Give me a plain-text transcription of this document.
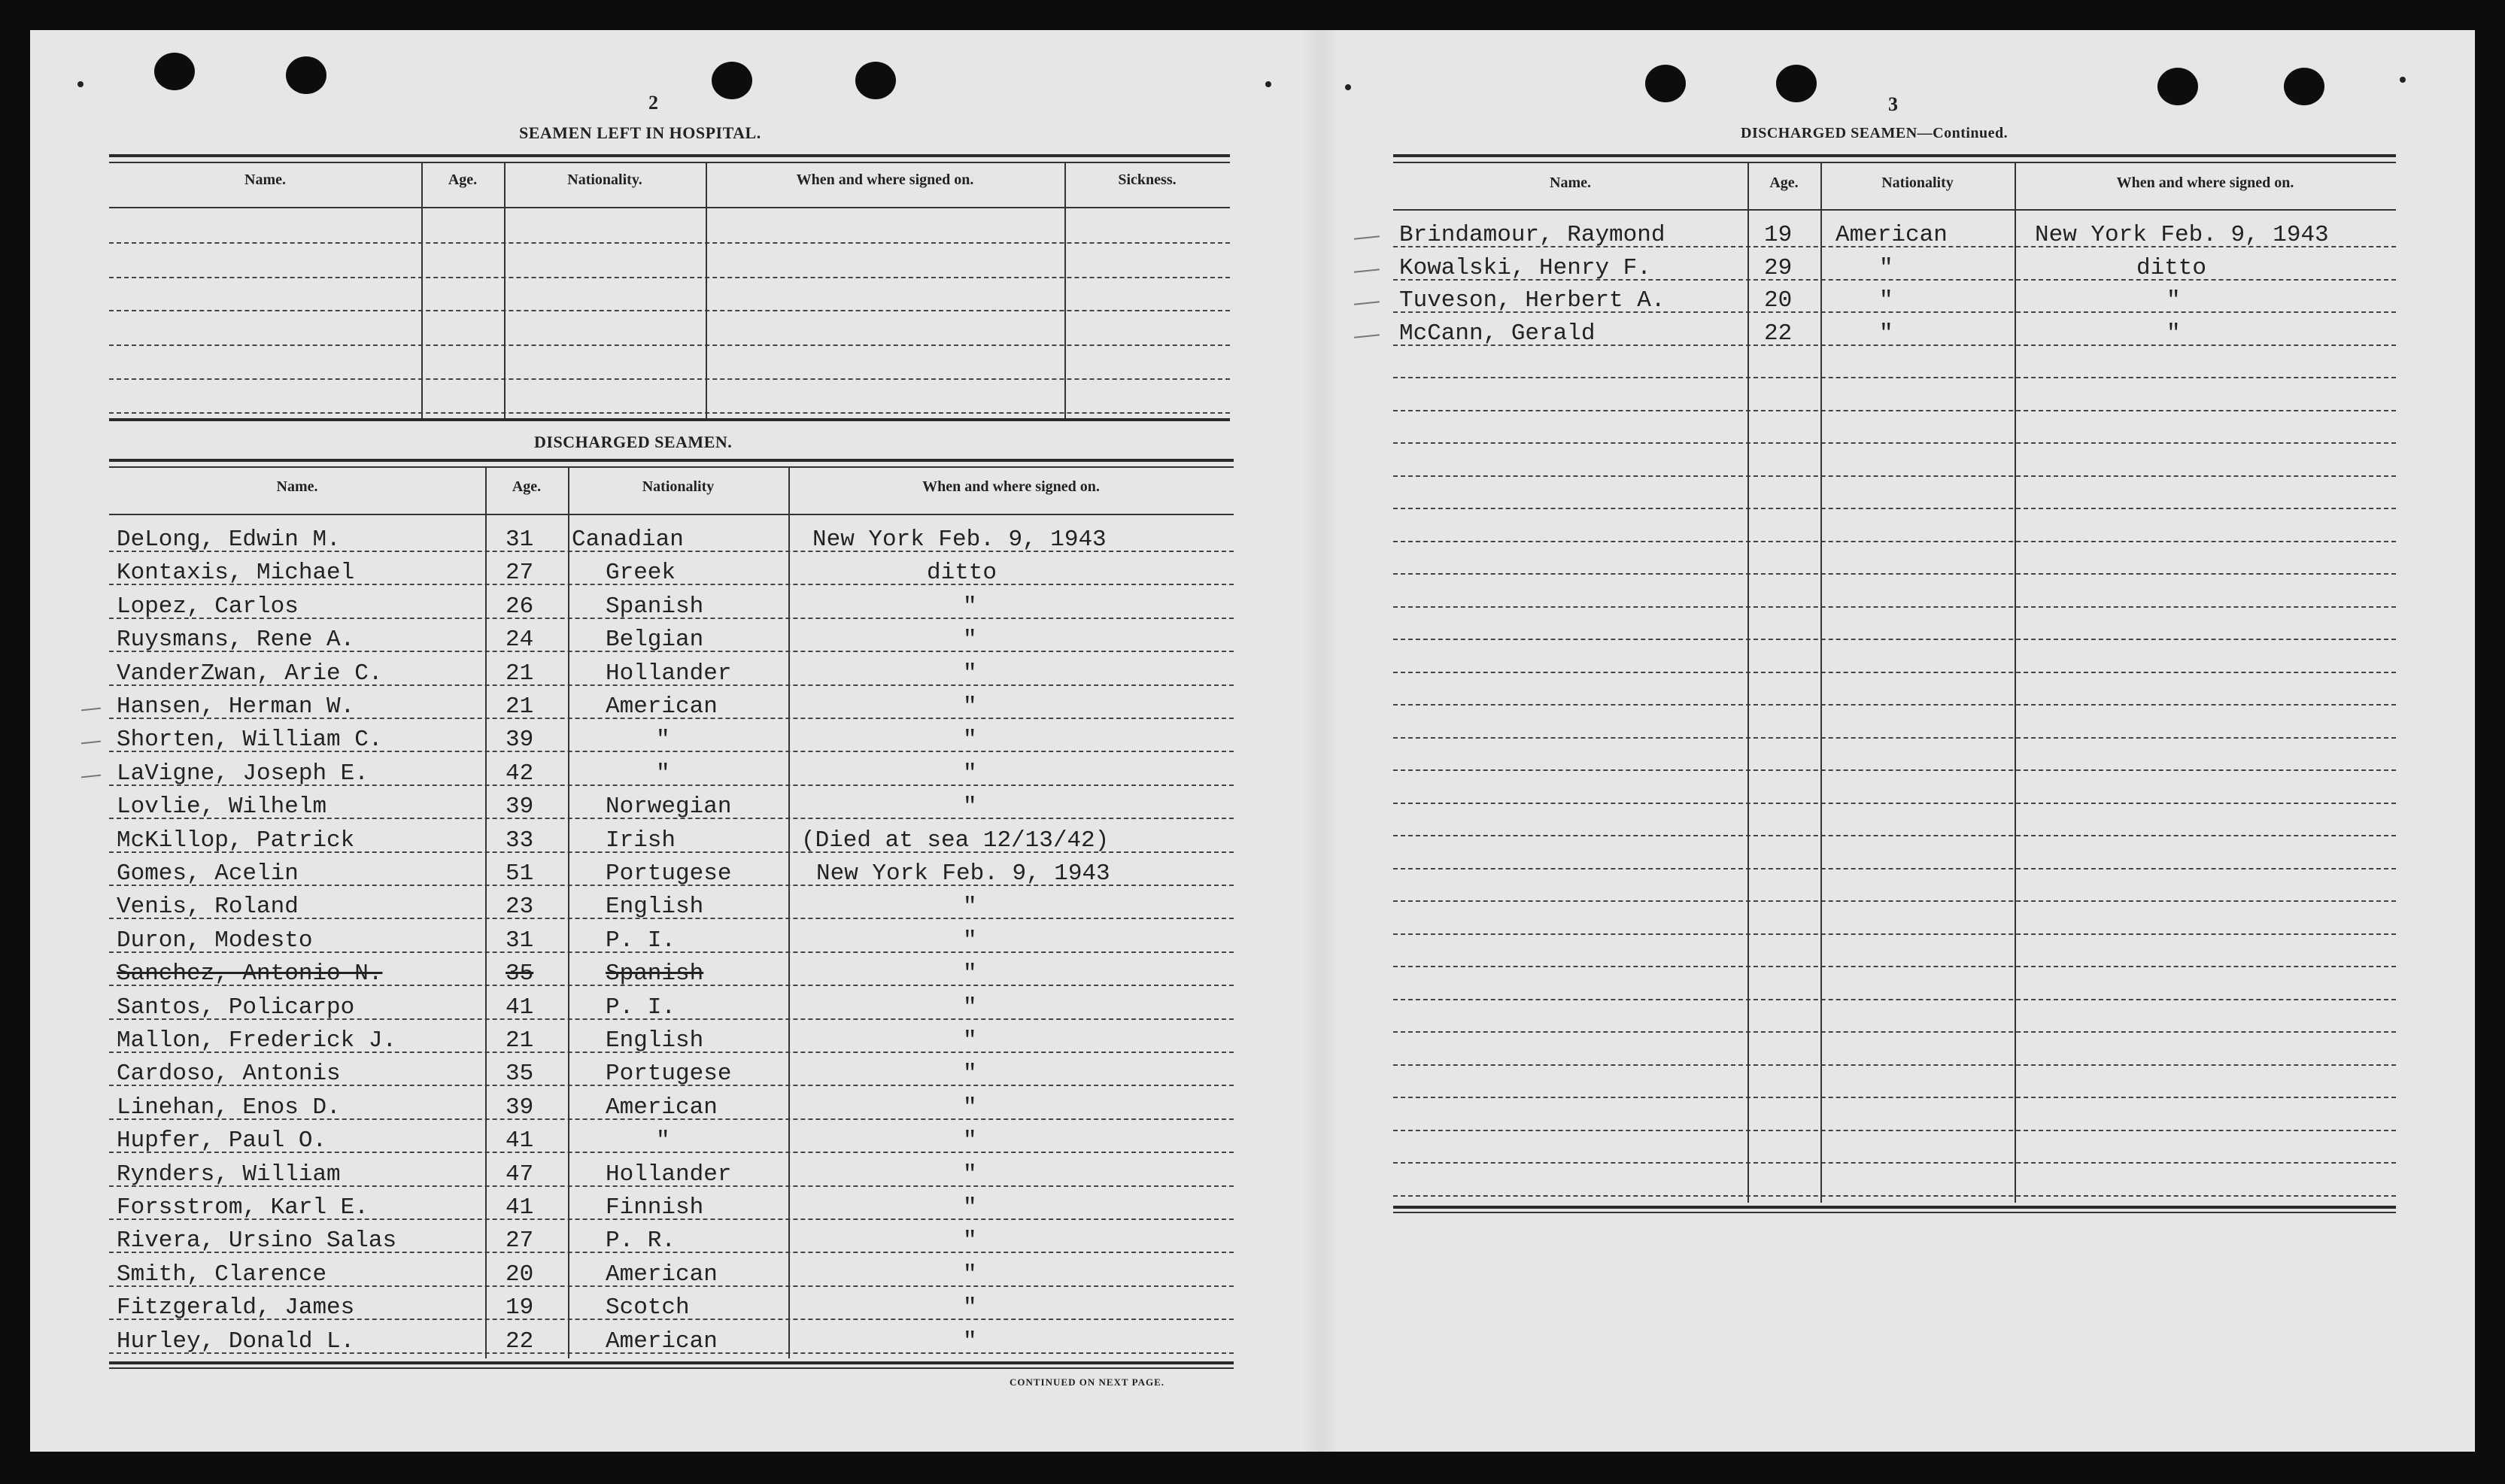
2
SEAMEN LEFT IN HOSPITAL.
DISCHARGED SEAMEN.
CONTINUED ON NEXT PAGE.
3
DISCHARGED SEAMEN—Continued.
Name.	Age.	Nationality.	When and where signed on.	Sickness.
Name.	Age.	Nationality	When and where signed on.
DeLong, Edwin M.	31 Canadian	New York Feb. 9, 1943
Kontaxis, Michael	27	Greek	ditto
Lopez, Carlos	26	Spanish	"
Ruysmans, Rene A.	24	Belgian	"
VanderZwan, Arie C.	21	Hollander	"
Hansen, Herman W.	21	American	"
Shorten, William C.	39	"	"
LaVigne, Joseph E.	42	"	"
Lovlie, Wilhelm	39	Norwegian	"
McKillop, Patrick	33	Irish	(Died at sea 12/13/42)
Gomes, Acelin	51	Portugese	New York Feb. 9, 1943
Venis, Roland	23	English	"
Duron, Modesto	31	P. I.	"
Sanchez, Antonio N.	35	Spanish	"
Santos, Policarpo	41	P. I.	"
Mallon, Frederick J.	21	English	"
Cardoso, Antonis	35	Portugese	"
Linehan, Enos D.	39	American	"
Hupfer, Paul O.	41	"	"
Rynders, William	47	Hollander	"
Forsstrom, Karl E.	41	Finnish	"
Rivera, Ursino Salas	27	P. R.	"
Smith, Clarence	20	American	"
Fitzgerald, James	19	Scotch	"
Hurley, Donald L.	22	American	"
Name.	Age.	Nationality	When and where signed on.
Brindamour, Raymond	19 American	New York Feb. 9, 1943
Kowalski, Henry F.	29	"	ditto
Tuveson, Herbert A.	20	"	"
McCann, Gerald	22	"	"
